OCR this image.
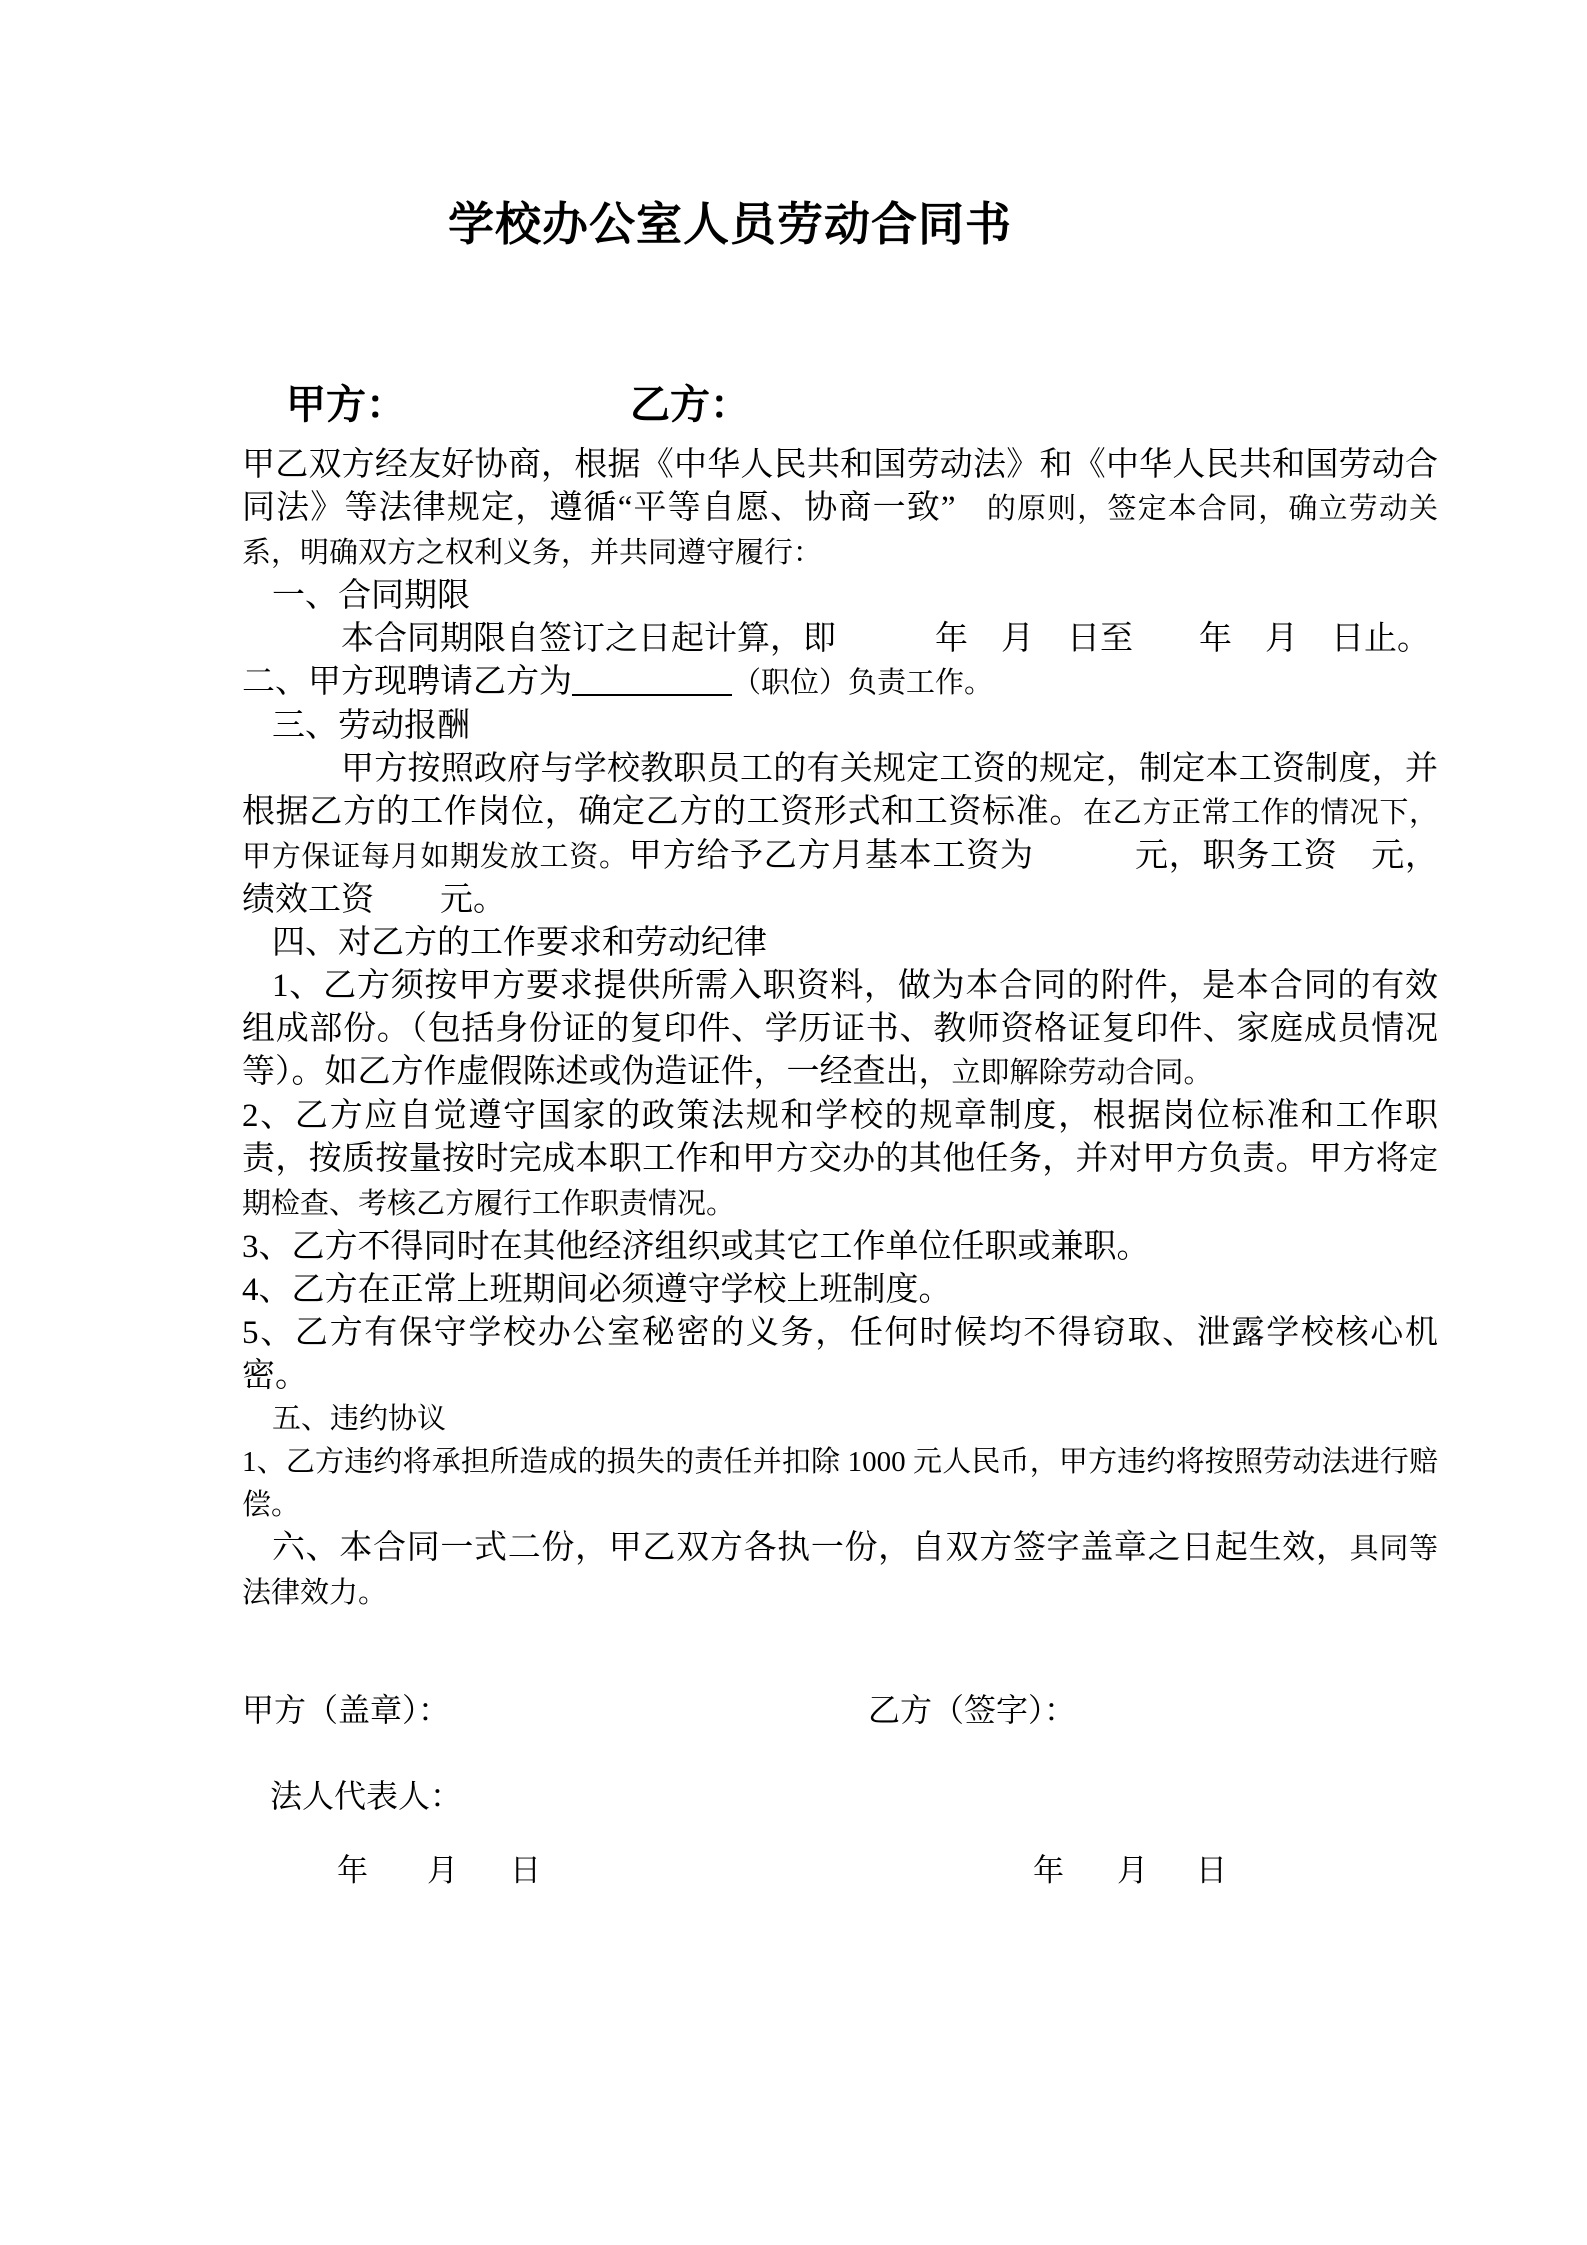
学校办公室人员劳动合同书
甲方：	乙方：

甲乙双方经友好协商，根据《中华人民共和国劳动法》和《中华人民共和国劳动合同法》等法律规定，遵循“平等自愿、协商一致”　的原则，签定本合同，确立劳动关系，明确双方之权利义务，并共同遵守履行：

一、合同期限

本合同期限自签订之日起计算，即　　　年　月　日至　　年　月　日止。

二、甲方现聘请乙方为	（职位）负责工作。

三、劳动报酬

甲方按照政府与学校教职员工的有关规定工资的规定，制定本工资制度，并根据乙方的工作岗位，确定乙方的工资形式和工资标准。在乙方正常工作的情况下，甲方保证每月如期发放工资。甲方给予乙方月基本工资为　　　元，职务工资　元，绩效工资　　元。

四、对乙方的工作要求和劳动纪律

1、乙方须按甲方要求提供所需入职资料，做为本合同的附件，是本合同的有效组成部份。（包括身份证的复印件、学历证书、教师资格证复印件、家庭成员情况等）。如乙方作虚假陈述或伪造证件，一经查出，立即解除劳动合同。

2、乙方应自觉遵守国家的政策法规和学校的规章制度，根据岗位标准和工作职责，按质按量按时完成本职工作和甲方交办的其他任务，并对甲方负责。甲方将定期检查、考核乙方履行工作职责情况。

3、乙方不得同时在其他经济组织或其它工作单位任职或兼职。

4、乙方在正常上班期间必须遵守学校上班制度。

5、乙方有保守学校办公室秘密的义务，任何时候均不得窃取、泄露学校核心机密。

五、违约协议

1、乙方违约将承担所造成的损失的责任并扣除 1000 元人民币，甲方违约将按照劳动法进行赔偿。

六、本合同一式二份，甲乙双方各执一份，自双方签字盖章之日起生效，具同等法律效力。

甲方（盖章）：	乙方（签字）：
法人代表人：
年 月 日	年 月 日
